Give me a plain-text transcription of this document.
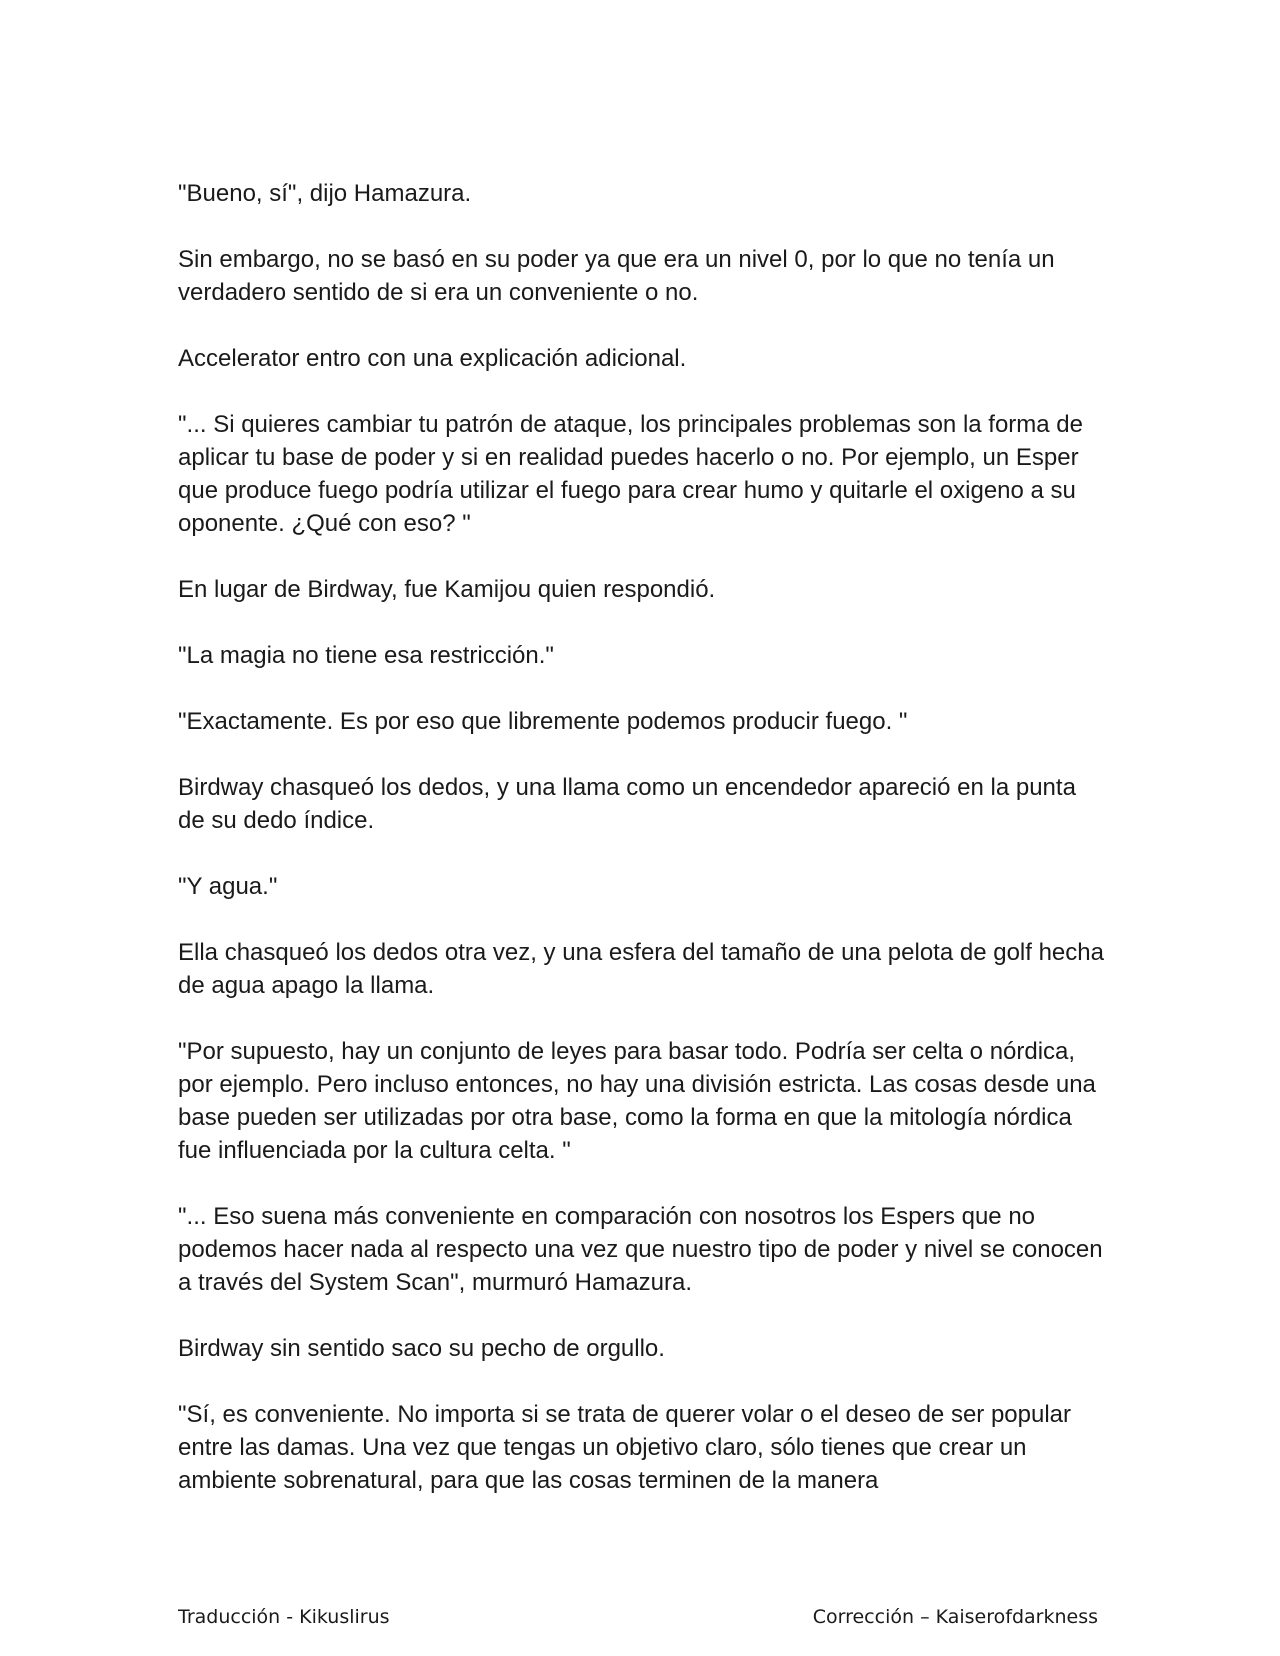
"Bueno, sí", dijo Hamazura.

Sin embargo, no se basó en su poder ya que era un nivel 0, por lo que no tenía un verdadero sentido de si era un conveniente o no.

Accelerator entro con una explicación adicional.

"... Si quieres cambiar tu patrón de ataque, los principales problemas son la forma de aplicar tu base de poder y si en realidad puedes hacerlo o no. Por ejemplo, un Esper que produce fuego podría utilizar el fuego para crear humo y quitarle el oxigeno a su oponente. ¿Qué con eso? "

En lugar de Birdway, fue Kamijou quien respondió.

"La magia no tiene esa restricción."

"Exactamente. Es por eso que libremente podemos producir fuego. "

Birdway chasqueó los dedos, y una llama como un encendedor apareció en la punta de su dedo índice.

"Y agua."

Ella chasqueó los dedos otra vez, y una esfera del tamaño de una pelota de golf hecha de agua apago la llama.

"Por supuesto, hay un conjunto de leyes para basar todo. Podría ser celta o nórdica, por ejemplo. Pero incluso entonces, no hay una división estricta. Las cosas desde una base pueden ser utilizadas por otra base, como la forma en que la mitología nórdica fue influenciada por la cultura celta. "

"... Eso suena más conveniente en comparación con nosotros los Espers que no podemos hacer nada al respecto una vez que nuestro tipo de poder y nivel se conocen a través del System Scan", murmuró Hamazura.

Birdway sin sentido saco su pecho de orgullo.

"Sí, es conveniente. No importa si se trata de querer volar o el deseo de ser popular entre las damas. Una vez que tengas un objetivo claro, sólo tienes que crear un ambiente sobrenatural, para que las cosas terminen de la manera

Traducción - Kikuslirus	Corrección – Kaiserofdarkness
